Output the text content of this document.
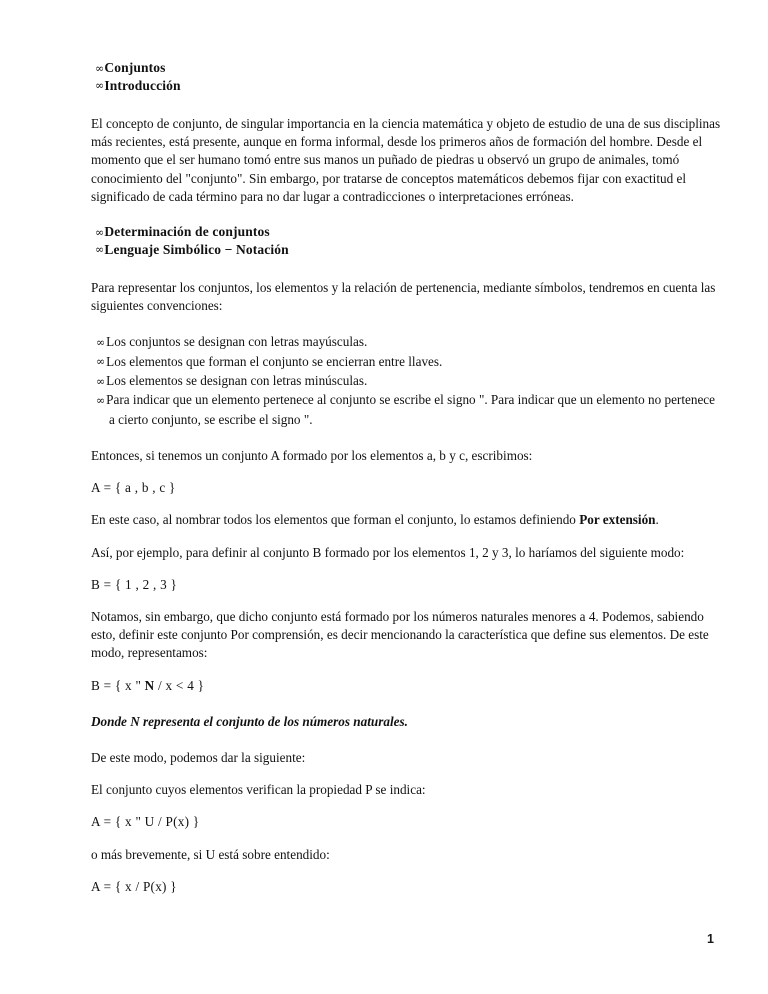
∞Conjuntos
∞Introducción

El concepto de conjunto, de singular importancia en la ciencia matemática y objeto de estudio de una de sus disciplinas más recientes, está presente, aunque en forma informal, desde los primeros años de formación del hombre. Desde el momento que el ser humano tomó entre sus manos un puñado de piedras u observó un grupo de animales, tomó conocimiento del "conjunto". Sin embargo, por tratarse de conceptos matemáticos debemos fijar con exactitud el significado de cada término para no dar lugar a contradicciones o interpretaciones erróneas.

∞Determinación de conjuntos
∞Lenguaje Simbólico − Notación

Para representar los conjuntos, los elementos y la relación de pertenencia, mediante símbolos, tendremos en cuenta las siguientes convenciones:

∞Los conjuntos se designan con letras mayúsculas.
∞Los elementos que forman el conjunto se encierran entre llaves.
∞Los elementos se designan con letras minúsculas.
∞Para indicar que un elemento pertenece al conjunto se escribe el signo ". Para indicar que un elemento no pertenece a cierto conjunto, se escribe el signo ".

Entonces, si tenemos un conjunto A formado por los elementos a, b y c, escribimos:

A = { a , b , c }

En este caso, al nombrar todos los elementos que forman el conjunto, lo estamos definiendo Por extensión.

Así, por ejemplo, para definir al conjunto B formado por los elementos 1, 2 y 3, lo haríamos del siguiente modo:

B = { 1 , 2 , 3 }

Notamos, sin embargo, que dicho conjunto está formado por los números naturales menores a 4. Podemos, sabiendo esto, definir este conjunto Por comprensión, es decir mencionando la característica que define sus elementos. De este modo, representamos:

B = { x " N / x < 4 }

Donde N representa el conjunto de los números naturales.

De este modo, podemos dar la siguiente:

El conjunto cuyos elementos verifican la propiedad P se indica:

A = { x " U / P(x) }

o más brevemente, si U está sobre entendido:

A = { x / P(x) }

1
